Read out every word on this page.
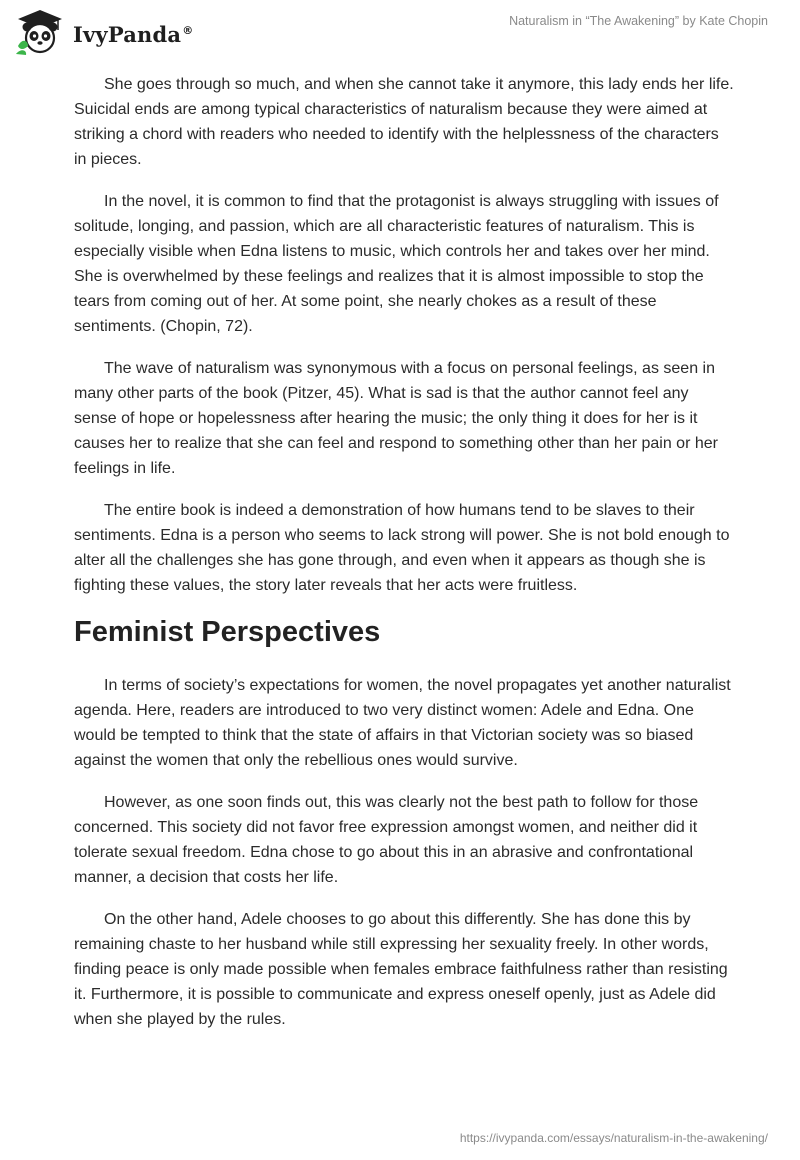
IvyPanda®
Naturalism in “The Awakening” by Kate Chopin

She goes through so much, and when she cannot take it anymore, this lady ends her life. Suicidal ends are among typical characteristics of naturalism because they were aimed at striking a chord with readers who needed to identify with the helplessness of the characters in pieces.

In the novel, it is common to find that the protagonist is always struggling with issues of solitude, longing, and passion, which are all characteristic features of naturalism. This is especially visible when Edna listens to music, which controls her and takes over her mind. She is overwhelmed by these feelings and realizes that it is almost impossible to stop the tears from coming out of her. At some point, she nearly chokes as a result of these sentiments. (Chopin, 72).

The wave of naturalism was synonymous with a focus on personal feelings, as seen in many other parts of the book (Pitzer, 45). What is sad is that the author cannot feel any sense of hope or hopelessness after hearing the music; the only thing it does for her is it causes her to realize that she can feel and respond to something other than her pain or her feelings in life.

The entire book is indeed a demonstration of how humans tend to be slaves to their sentiments. Edna is a person who seems to lack strong will power. She is not bold enough to alter all the challenges she has gone through, and even when it appears as though she is fighting these values, the story later reveals that her acts were fruitless.

Feminist Perspectives

In terms of society’s expectations for women, the novel propagates yet another naturalist agenda. Here, readers are introduced to two very distinct women: Adele and Edna. One would be tempted to think that the state of affairs in that Victorian society was so biased against the women that only the rebellious ones would survive.

However, as one soon finds out, this was clearly not the best path to follow for those concerned. This society did not favor free expression amongst women, and neither did it tolerate sexual freedom. Edna chose to go about this in an abrasive and confrontational manner, a decision that costs her life.

On the other hand, Adele chooses to go about this differently. She has done this by remaining chaste to her husband while still expressing her sexuality freely. In other words, finding peace is only made possible when females embrace faithfulness rather than resisting it. Furthermore, it is possible to communicate and express oneself openly, just as Adele did when she played by the rules.

https://ivypanda.com/essays/naturalism-in-the-awakening/
